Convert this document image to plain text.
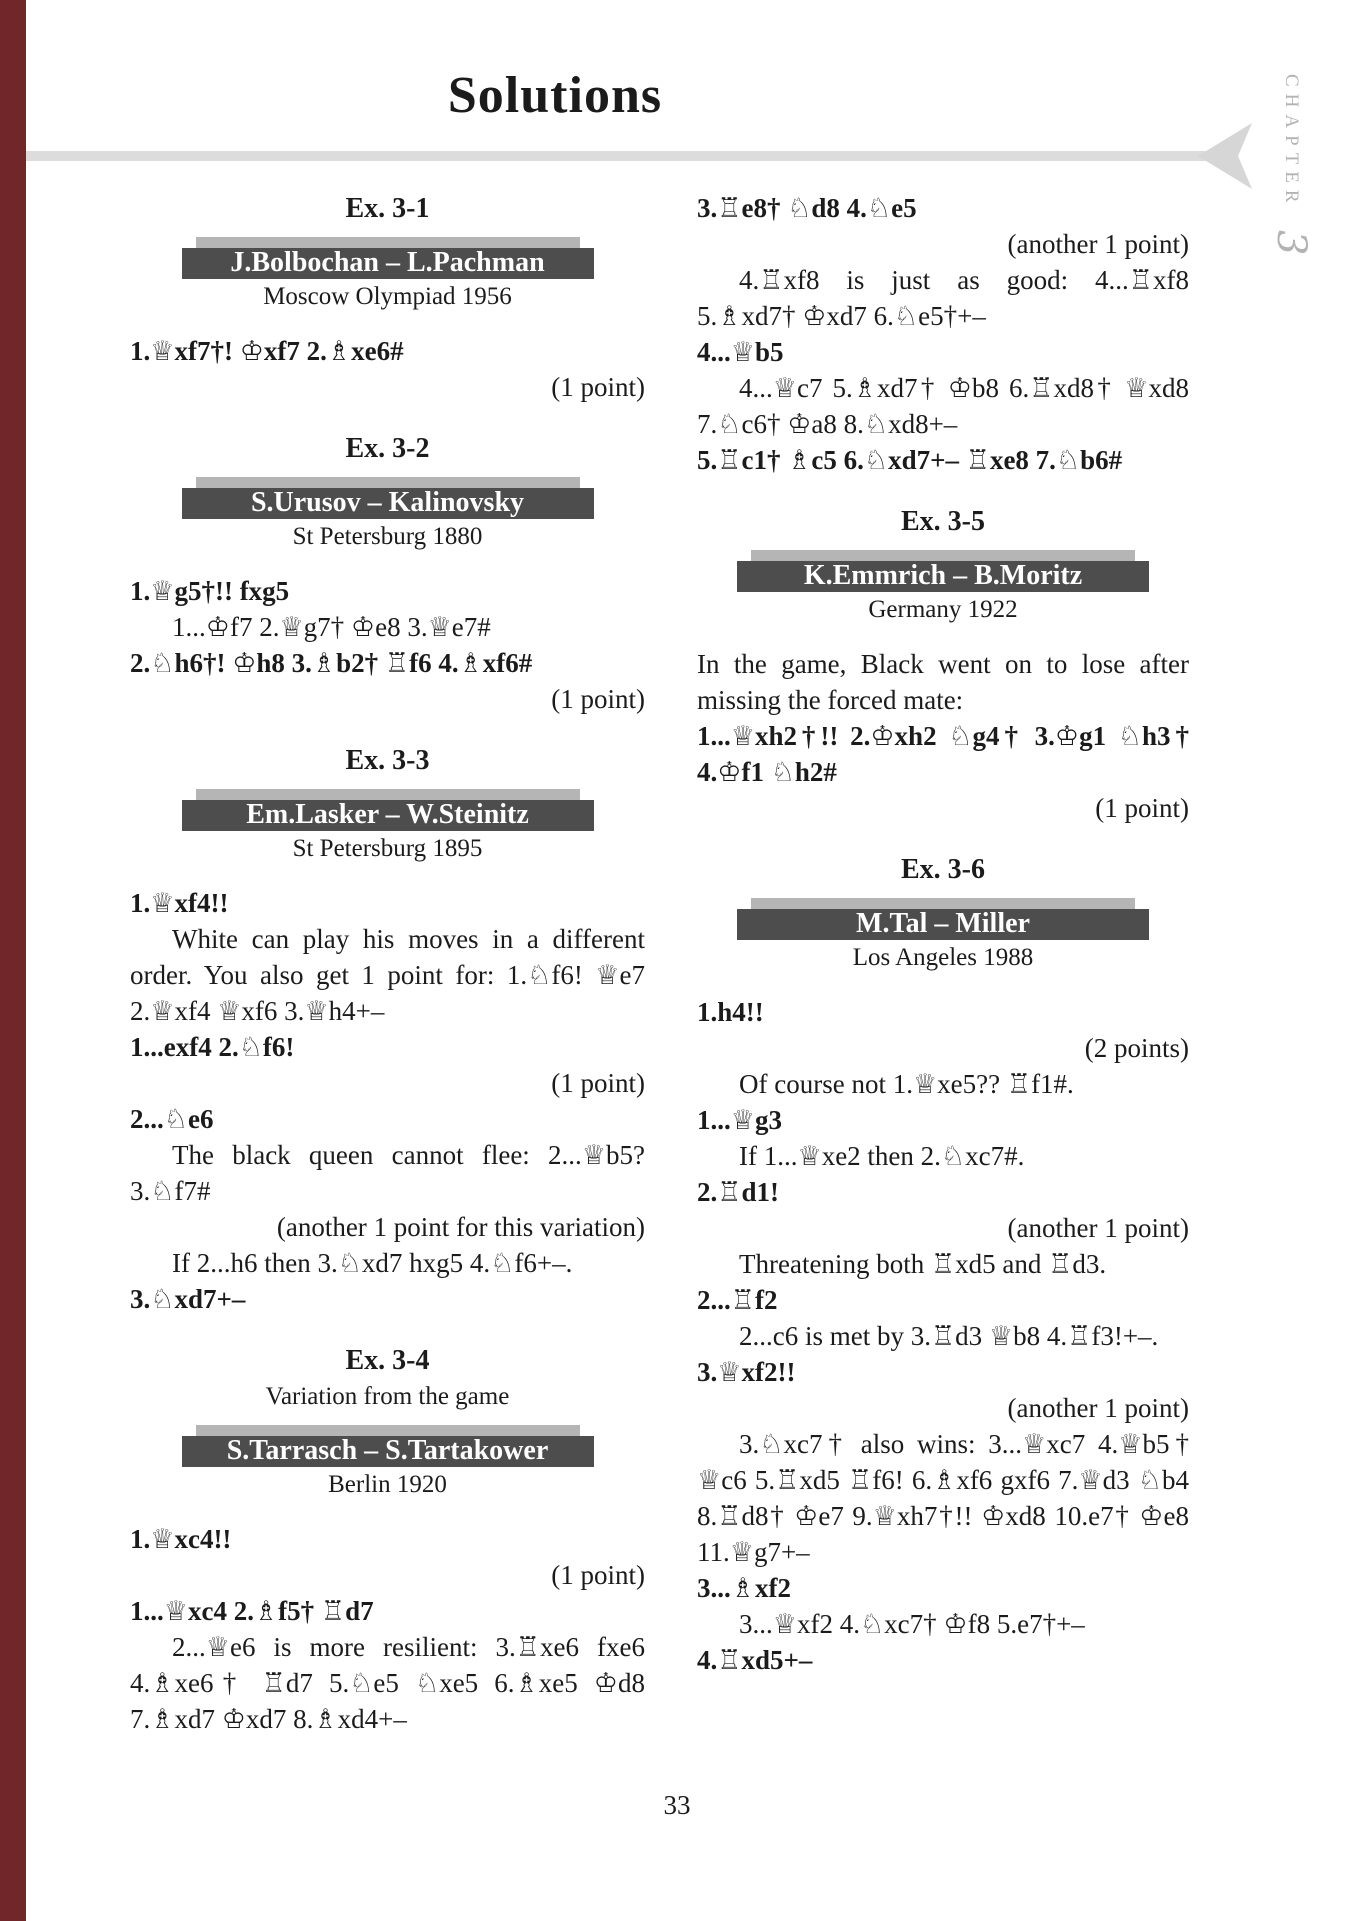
Solutions	CHAPTER 3
Ex. 3-1
J.Bolbochan – L.Pachman
Moscow Olympiad 1956
1.♕xf7†! ♔xf7 2.♗xe6#
(1 point)
Ex. 3-2
S.Urusov – Kalinovsky
St Petersburg 1880
1.♕g5†!! fxg5
1...♔f7 2.♕g7† ♔e8 3.♕e7#
2.♘h6†! ♔h8 3.♗b2† ♖f6 4.♗xf6#
(1 point)
Ex. 3-3
Em.Lasker – W.Steinitz
St Petersburg 1895
1.♕xf4!!
White can play his moves in a different order. You also get 1 point for: 1.♘f6! ♕e7 2.♕xf4 ♕xf6 3.♕h4+–
1...exf4 2.♘f6!
(1 point)
2...♘e6
The black queen cannot flee: 2...♕b5? 3.♘f7#
(another 1 point for this variation)
If 2...h6 then 3.♘xd7 hxg5 4.♘f6+–.
3.♘xd7+–
Ex. 3-4
Variation from the game
S.Tarrasch – S.Tartakower
Berlin 1920
1.♕xc4!!
(1 point)
1...♕xc4 2.♗f5† ♖d7
2...♕e6 is more resilient: 3.♖xe6 fxe6 4.♗xe6† ♖d7 5.♘e5 ♘xe5 6.♗xe5 ♔d8 7.♗xd7 ♔xd7 8.♗xd4+–
3.♖e8† ♘d8 4.♘e5
(another 1 point)
4.♖xf8 is just as good: 4...♖xf8 5.♗xd7† ♔xd7 6.♘e5†+–
4...♕b5
4...♕c7 5.♗xd7† ♔b8 6.♖xd8† ♕xd8 7.♘c6† ♔a8 8.♘xd8+–
5.♖c1† ♗c5 6.♘xd7+– ♖xe8 7.♘b6#
Ex. 3-5
K.Emmrich – B.Moritz
Germany 1922
In the game, Black went on to lose after missing the forced mate:
1...♕xh2†!! 2.♔xh2 ♘g4† 3.♔g1 ♘h3† 4.♔f1 ♘h2#
(1 point)
Ex. 3-6
M.Tal – Miller
Los Angeles 1988
1.h4!!
(2 points)
Of course not 1.♕xe5?? ♖f1#.
1...♕g3
If 1...♕xe2 then 2.♘xc7#.
2.♖d1!
(another 1 point)
Threatening both ♖xd5 and ♖d3.
2...♖f2
2...c6 is met by 3.♖d3 ♕b8 4.♖f3!+–.
3.♕xf2!!
(another 1 point)
3.♘xc7† also wins: 3...♕xc7 4.♕b5† ♕c6 5.♖xd5 ♖f6! 6.♗xf6 gxf6 7.♕d3 ♘b4 8.♖d8† ♔e7 9.♕xh7†!! ♔xd8 10.e7† ♔e8 11.♕g7+–
3...♗xf2
3...♕xf2 4.♘xc7† ♔f8 5.e7†+–
4.♖xd5+–
33
